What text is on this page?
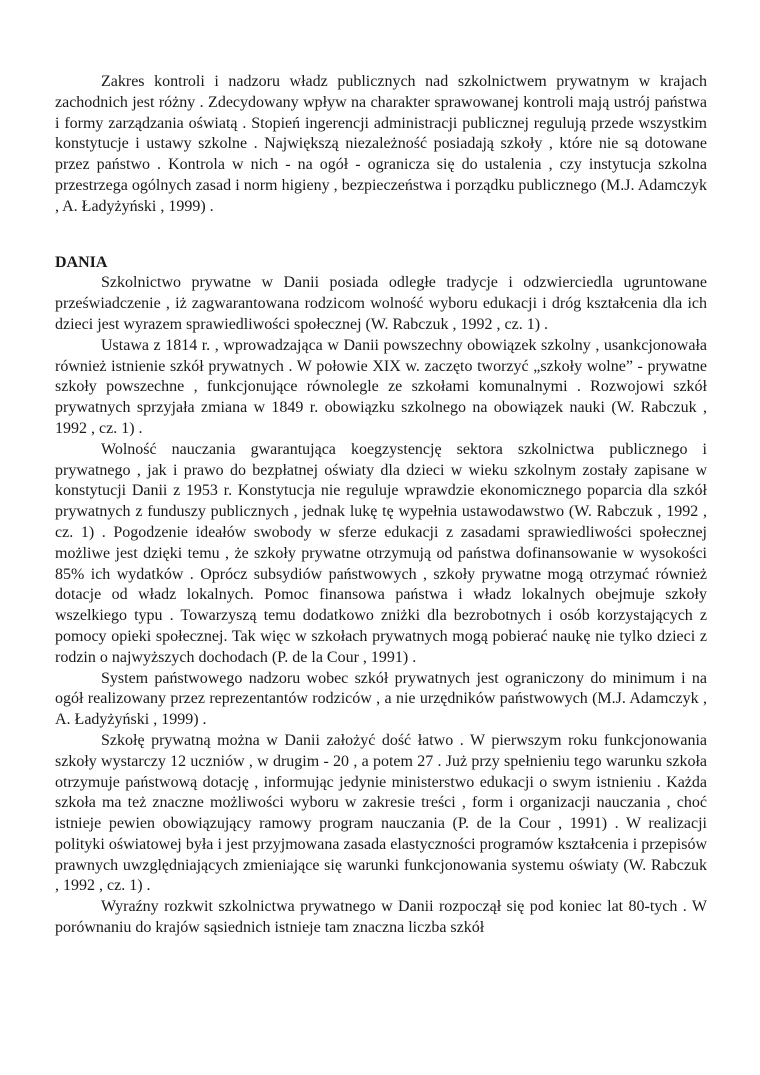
Zakres kontroli i nadzoru władz publicznych nad szkolnictwem prywatnym w krajach zachodnich jest różny . Zdecydowany wpływ na charakter sprawowanej kontroli mają ustrój państwa i formy zarządzania oświatą . Stopień ingerencji administracji publicznej regulują przede wszystkim konstytucje i ustawy szkolne . Największą niezależność posiadają szkoły , które nie są dotowane przez państwo . Kontrola w nich - na ogół - ogranicza się do ustalenia , czy instytucja szkolna przestrzega ogólnych zasad i norm higieny , bezpieczeństwa i porządku publicznego (M.J. Adamczyk , A. Ładyżyński , 1999) .

DANIA

Szkolnictwo prywatne w Danii posiada odległe tradycje i odzwierciedla ugruntowane przeświadczenie , iż zagwarantowana rodzicom wolność wyboru edukacji i dróg kształcenia dla ich dzieci jest wyrazem sprawiedliwości społecznej (W. Rabczuk , 1992 , cz. 1) .

Ustawa z 1814 r. , wprowadzająca w Danii powszechny obowiązek szkolny , usankcjonowała również istnienie szkół prywatnych . W połowie XIX w. zaczęto tworzyć „szkoły wolne” - prywatne szkoły powszechne , funkcjonujące równolegle ze szkołami komunalnymi . Rozwojowi szkół prywatnych sprzyjała zmiana w 1849 r. obowiązku szkolnego na obowiązek nauki (W. Rabczuk , 1992 , cz. 1) .

Wolność nauczania gwarantująca koegzystencję sektora szkolnictwa publicznego i prywatnego , jak i prawo do bezpłatnej oświaty dla dzieci w wieku szkolnym zostały zapisane w konstytucji Danii z 1953 r. Konstytucja nie reguluje wprawdzie ekonomicznego poparcia dla szkół prywatnych z funduszy publicznych , jednak lukę tę wypełnia ustawodawstwo (W. Rabczuk , 1992 , cz. 1) . Pogodzenie ideałów swobody w sferze edukacji z zasadami sprawiedliwości społecznej możliwe jest dzięki temu , że szkoły prywatne otrzymują od państwa dofinansowanie w wysokości 85% ich wydatków . Oprócz subsydiów państwowych , szkoły prywatne mogą otrzymać również dotacje od władz lokalnych. Pomoc finansowa państwa i władz lokalnych obejmuje szkoły wszelkiego typu . Towarzyszą temu dodatkowo zniżki dla bezrobotnych i osób korzystających z pomocy opieki społecznej. Tak więc w szkołach prywatnych mogą pobierać naukę nie tylko dzieci z rodzin o najwyższych dochodach (P. de la Cour , 1991) .

System państwowego nadzoru wobec szkół prywatnych jest ograniczony do minimum i na ogół realizowany przez reprezentantów rodziców , a nie urzędników państwowych (M.J. Adamczyk , A. Ładyżyński , 1999) .

Szkołę prywatną można w Danii założyć dość łatwo . W pierwszym roku funkcjonowania szkoły wystarczy 12 uczniów , w drugim - 20 , a potem 27 . Już przy spełnieniu tego warunku szkoła otrzymuje państwową dotację , informując jedynie ministerstwo edukacji o swym istnieniu . Każda szkoła ma też znaczne możliwości wyboru w zakresie treści , form i organizacji nauczania , choć istnieje pewien obowiązujący ramowy program nauczania (P. de la Cour , 1991) . W realizacji polityki oświatowej była i jest przyjmowana zasada elastyczności programów kształcenia i przepisów prawnych uwzględniających zmieniające się warunki funkcjonowania systemu oświaty (W. Rabczuk , 1992 , cz. 1) .

Wyraźny rozkwit szkolnictwa prywatnego w Danii rozpoczął się pod koniec lat 80-tych . W porównaniu do krajów sąsiednich istnieje tam znaczna liczba szkół
